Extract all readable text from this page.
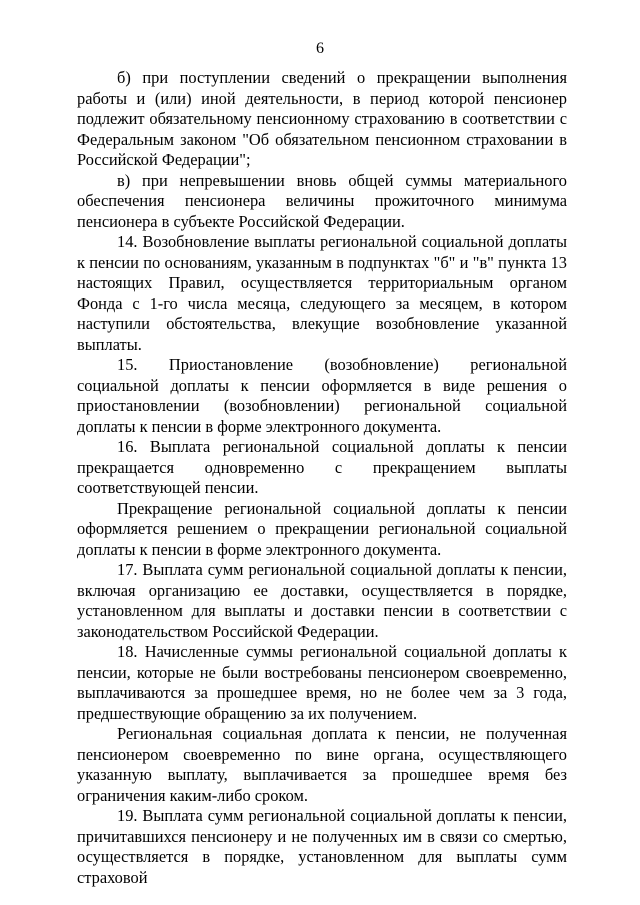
6

б) при поступлении сведений о прекращении выполнения работы и (или) иной деятельности, в период которой пенсионер подлежит обязательному пенсионному страхованию в соответствии с Федеральным законом "Об обязательном пенсионном страховании в Российской Федерации";

в) при непревышении вновь общей суммы материального обеспечения пенсионера величины прожиточного минимума пенсионера в субъекте Российской Федерации.

14. Возобновление выплаты региональной социальной доплаты к пенсии по основаниям, указанным в подпунктах "б" и "в" пункта 13 настоящих Правил, осуществляется территориальным органом Фонда с 1-го числа месяца, следующего за месяцем, в котором наступили обстоятельства, влекущие возобновление указанной выплаты.

15. Приостановление (возобновление) региональной социальной доплаты к пенсии оформляется в виде решения о приостановлении (возобновлении) региональной социальной доплаты к пенсии в форме электронного документа.

16. Выплата региональной социальной доплаты к пенсии прекращается одновременно с прекращением выплаты соответствующей пенсии.

Прекращение региональной социальной доплаты к пенсии оформляется решением о прекращении региональной социальной доплаты к пенсии в форме электронного документа.

17. Выплата сумм региональной социальной доплаты к пенсии, включая организацию ее доставки, осуществляется в порядке, установленном для выплаты и доставки пенсии в соответствии с законодательством Российской Федерации.

18. Начисленные суммы региональной социальной доплаты к пенсии, которые не были востребованы пенсионером своевременно, выплачиваются за прошедшее время, но не более чем за 3 года, предшествующие обращению за их получением.

Региональная социальная доплата к пенсии, не полученная пенсионером своевременно по вине органа, осуществляющего указанную выплату, выплачивается за прошедшее время без ограничения каким-либо сроком.

19. Выплата сумм региональной социальной доплаты к пенсии, причитавшихся пенсионеру и не полученных им в связи со смертью, осуществляется в порядке, установленном для выплаты сумм страховой
